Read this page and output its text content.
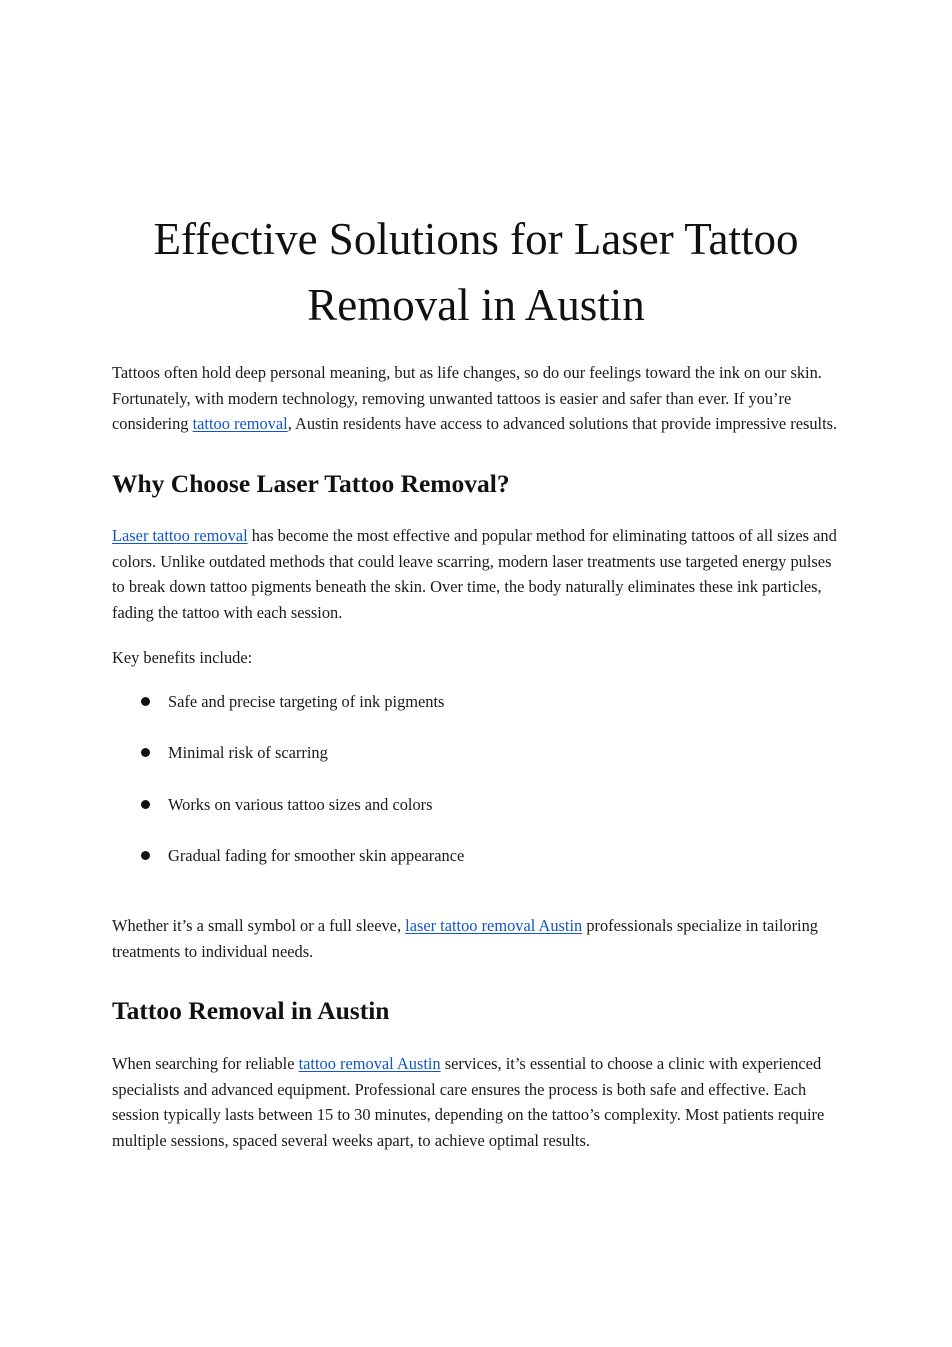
Effective Solutions for Laser Tattoo Removal in Austin

Tattoos often hold deep personal meaning, but as life changes, so do our feelings toward the ink on our skin. Fortunately, with modern technology, removing unwanted tattoos is easier and safer than ever. If you’re considering tattoo removal, Austin residents have access to advanced solutions that provide impressive results.

Why Choose Laser Tattoo Removal?

Laser tattoo removal has become the most effective and popular method for eliminating tattoos of all sizes and colors. Unlike outdated methods that could leave scarring, modern laser treatments use targeted energy pulses to break down tattoo pigments beneath the skin. Over time, the body naturally eliminates these ink particles, fading the tattoo with each session.

Key benefits include:

Safe and precise targeting of ink pigments
Minimal risk of scarring
Works on various tattoo sizes and colors
Gradual fading for smoother skin appearance

Whether it’s a small symbol or a full sleeve, laser tattoo removal Austin professionals specialize in tailoring treatments to individual needs.

Tattoo Removal in Austin

When searching for reliable tattoo removal Austin services, it’s essential to choose a clinic with experienced specialists and advanced equipment. Professional care ensures the process is both safe and effective. Each session typically lasts between 15 to 30 minutes, depending on the tattoo’s complexity. Most patients require multiple sessions, spaced several weeks apart, to achieve optimal results.
